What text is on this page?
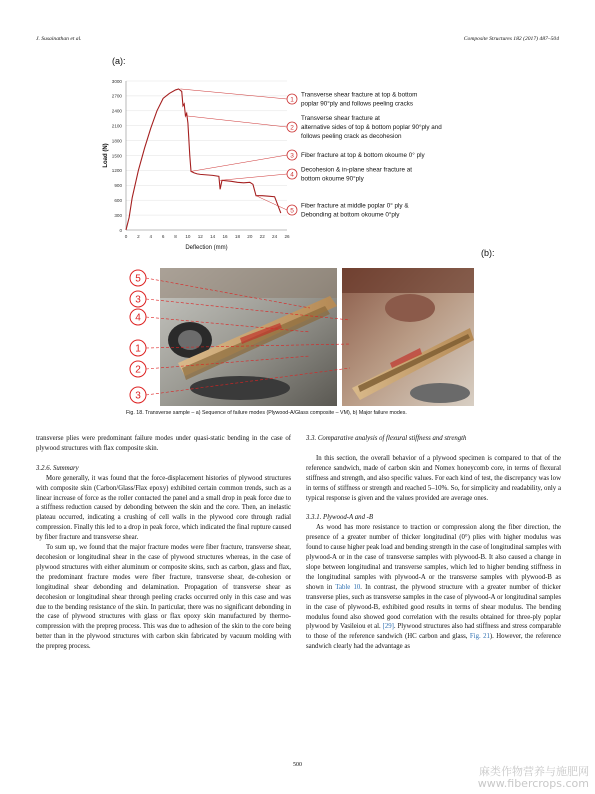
J. Susainathan et al.	Composite Structures 182 (2017) 487–504
(a):
0
300
600
900
1200
1500
1800
2100
2400
2700
3000
0 2 4 6 8 10 12 14 16 18 20 22 24 26
Deflection (mm)
Load (N)
1
Transverse shear fracture at top & bottom
poplar 90°ply and follows peeling cracks
2
Transverse shear fracture at
alternative sides of top & bottom poplar 90°ply and
follows peeling crack as decohesion
3 Fiber fracture at top & bottom okoume 0° ply
4
Decohesion & in-plane shear fracture at
bottom okoume 90°ply
5
Fiber fracture at middle poplar 0° ply &
Debonding at bottom okoume 0°ply
(b):
5
3
4
1
2
3
Fig. 18. Transverse sample – a) Sequence of failure modes (Plywood-A/Glass composite – VM), b) Major failure modes.

transverse plies were predominant failure modes under quasi-static bending in the case of plywood structures with flax composite skin.

3.2.6. Summary

More generally, it was found that the force-displacement histories of plywood structures with composite skin (Carbon/Glass/Flax epoxy) exhibited certain common trends, such as a linear increase of force as the roller contacted the panel and a small drop in peak force due to a stiffness reduction caused by debonding between the skin and the core. Then, an inelastic plateau occurred, indicating a crushing of cell walls in the plywood core through radial compression. Finally this led to a drop in peak force, which indicated the final rupture caused by fiber fracture and transverse shear.

To sum up, we found that the major fracture modes were fiber fracture, transverse shear, decohesion or longitudinal shear in the case of plywood structures whereas, in the case of plywood structures with either aluminum or composite skins, such as carbon, glass and flax, the predominant fracture modes were fiber fracture, transverse shear, de-cohesion or longitudinal shear debonding and delamination. Propagation of transverse shear as decohesion or longitudinal shear through peeling cracks occurred only in this case and was due to the bending resistance of the skin. In particular, there was no significant debonding in the case of plywood structures with glass or flax epoxy skin manufactured by thermo-compression with the prepreg process. This was due to adhesion of the skin to the core being better than in the plywood structures with carbon skin fabricated by vacuum molding with the prepreg process.

3.3. Comparative analysis of flexural stiffness and strength

In this section, the overall behavior of a plywood specimen is compared to that of the reference sandwich, made of carbon skin and Nomex honeycomb core, in terms of flexural stiffness and strength, and also specific values. For each kind of test, the discrepancy was low in terms of stiffness or strength and reached 5–10%. So, for simplicity and readability, only a typical response is given and the values provided are average ones.

3.3.1. Plywood-A and -B

As wood has more resistance to traction or compression along the fiber direction, the presence of a greater number of thicker longitudinal (0°) plies with higher modulus was found to cause higher peak load and bending strength in the case of longitudinal samples with plywood-A or in the case of transverse samples with plywood-B. It also caused a change in slope between longitudinal and transverse samples, which led to higher bending stiffness in the longitudinal samples with plywood-A or the transverse samples with plywood-B as shown in Table 10. In contrast, the plywood structure with a greater number of thicker transverse plies, such as transverse samples in the case of plywood-A or longitudinal samples in the case of plywood-B, exhibited good results in terms of shear modulus. The bending modulus found also showed good correlation with the results obtained for three-ply poplar plywood by Vasileiou et al. [29]. Plywood structures also had stiffness and stress comparable to those of the reference sandwich (HC carbon and glass, Fig. 21). However, the reference sandwich clearly had the advantage as

500	麻类作物营养与施肥网
www.fibercrops.com
